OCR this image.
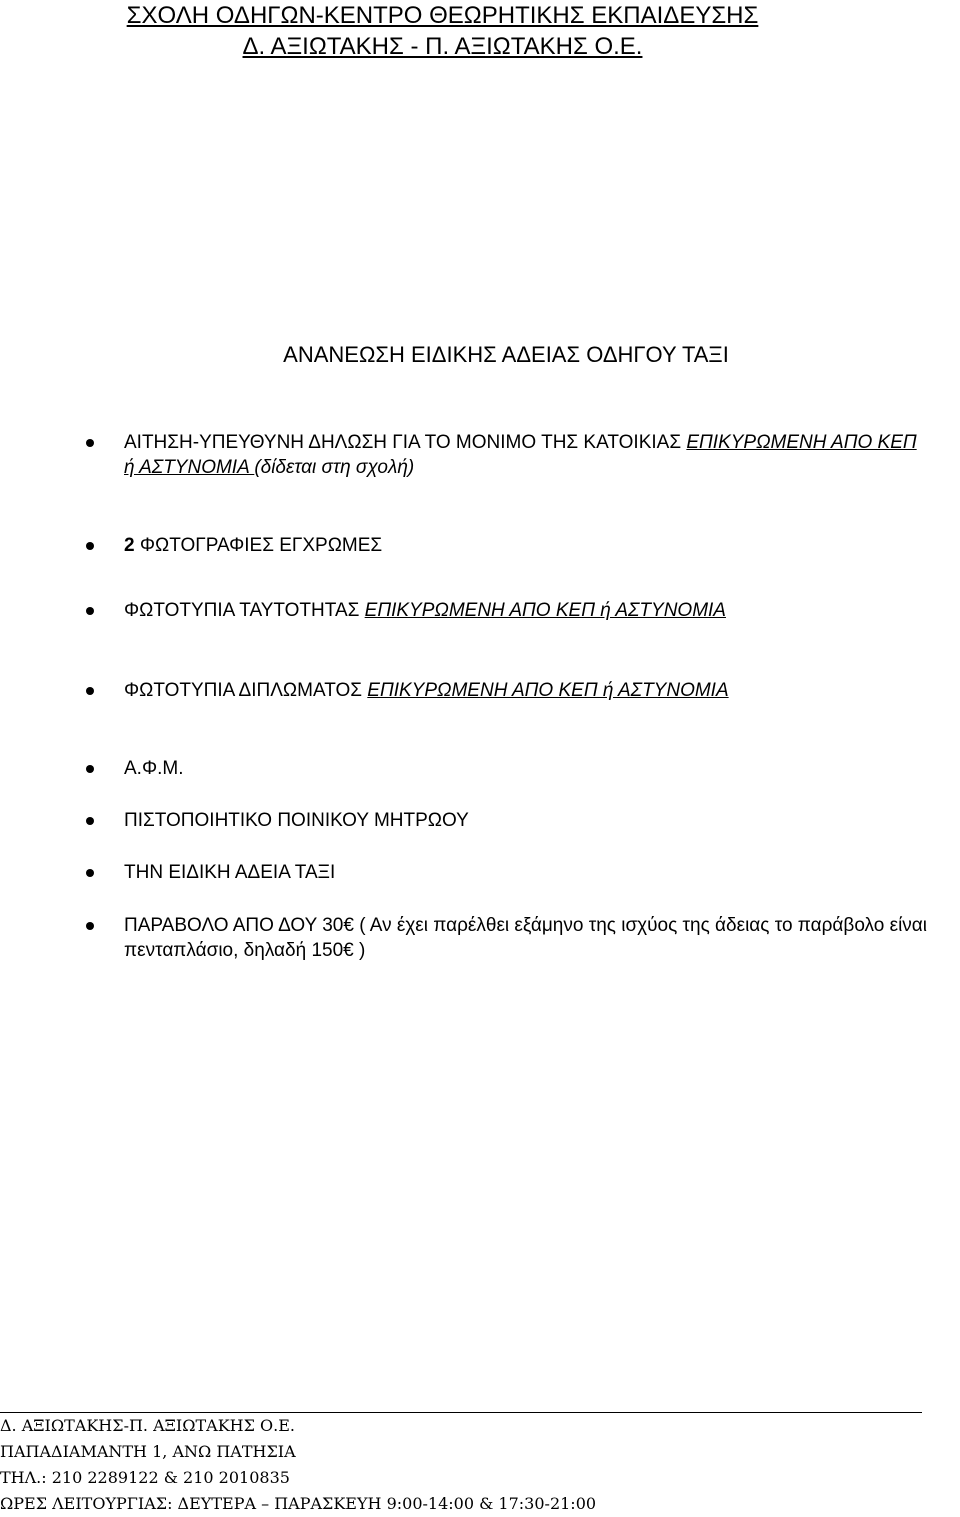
ΣΧΟΛΗ ΟΔΗΓΩΝ-ΚΕΝΤΡΟ ΘΕΩΡΗΤΙΚΗΣ ΕΚΠΑΙΔΕΥΣΗΣ
Δ. ΑΞΙΩΤΑΚΗΣ - Π. ΑΞΙΩΤΑΚΗΣ Ο.Ε.
ΑΝΑΝΕΩΣΗ ΕΙΔΙΚΗΣ ΑΔΕΙΑΣ ΟΔΗΓΟΥ ΤΑΞΙ
ΑΙΤΗΣΗ-ΥΠΕΥΘΥΝΗ ΔΗΛΩΣΗ ΓΙΑ ΤΟ ΜΟΝΙΜΟ ΤΗΣ ΚΑΤΟΙΚΙΑΣ ΕΠΙΚΥΡΩΜΕΝΗ ΑΠΟ ΚΕΠ ή ΑΣΤΥΝΟΜΙΑ (δίδεται στη σχολή)
2 ΦΩΤΟΓΡΑΦΙΕΣ ΕΓΧΡΩΜΕΣ
ΦΩΤΟΤΥΠΙΑ ΤΑΥΤΟΤΗΤΑΣ ΕΠΙΚΥΡΩΜΕΝΗ ΑΠΟ ΚΕΠ ή ΑΣΤΥΝΟΜΙΑ
ΦΩΤΟΤΥΠΙΑ ΔΙΠΛΩΜΑΤΟΣ ΕΠΙΚΥΡΩΜΕΝΗ ΑΠΟ ΚΕΠ ή ΑΣΤΥΝΟΜΙΑ
Α.Φ.Μ.
ΠΙΣΤΟΠΟΙΗΤΙΚΟ ΠΟΙΝΙΚΟΥ ΜΗΤΡΩΟΥ
ΤΗΝ ΕΙΔΙΚΗ ΑΔΕΙΑ ΤΑΞΙ
ΠΑΡΑΒΟΛΟ ΑΠΟ ΔΟΥ 30€ ( Αν έχει παρέλθει εξάμηνο της ισχύος της άδειας το παράβολο είναι πενταπλάσιο, δηλαδή 150€ )
Δ. ΑΞΙΩΤΑΚΗΣ-Π. ΑΞΙΩΤΑΚΗΣ Ο.Ε.
ΠΑΠΑΔΙΑΜΑΝΤΗ 1, ΑΝΩ ΠΑΤΗΣΙΑ
ΤΗΛ.: 210 2289122 & 210 2010835
ΩΡΕΣ ΛΕΙΤΟΥΡΓΙΑΣ: ΔΕΥΤΕΡΑ – ΠΑΡΑΣΚΕΥΗ 9:00-14:00 & 17:30-21:00
